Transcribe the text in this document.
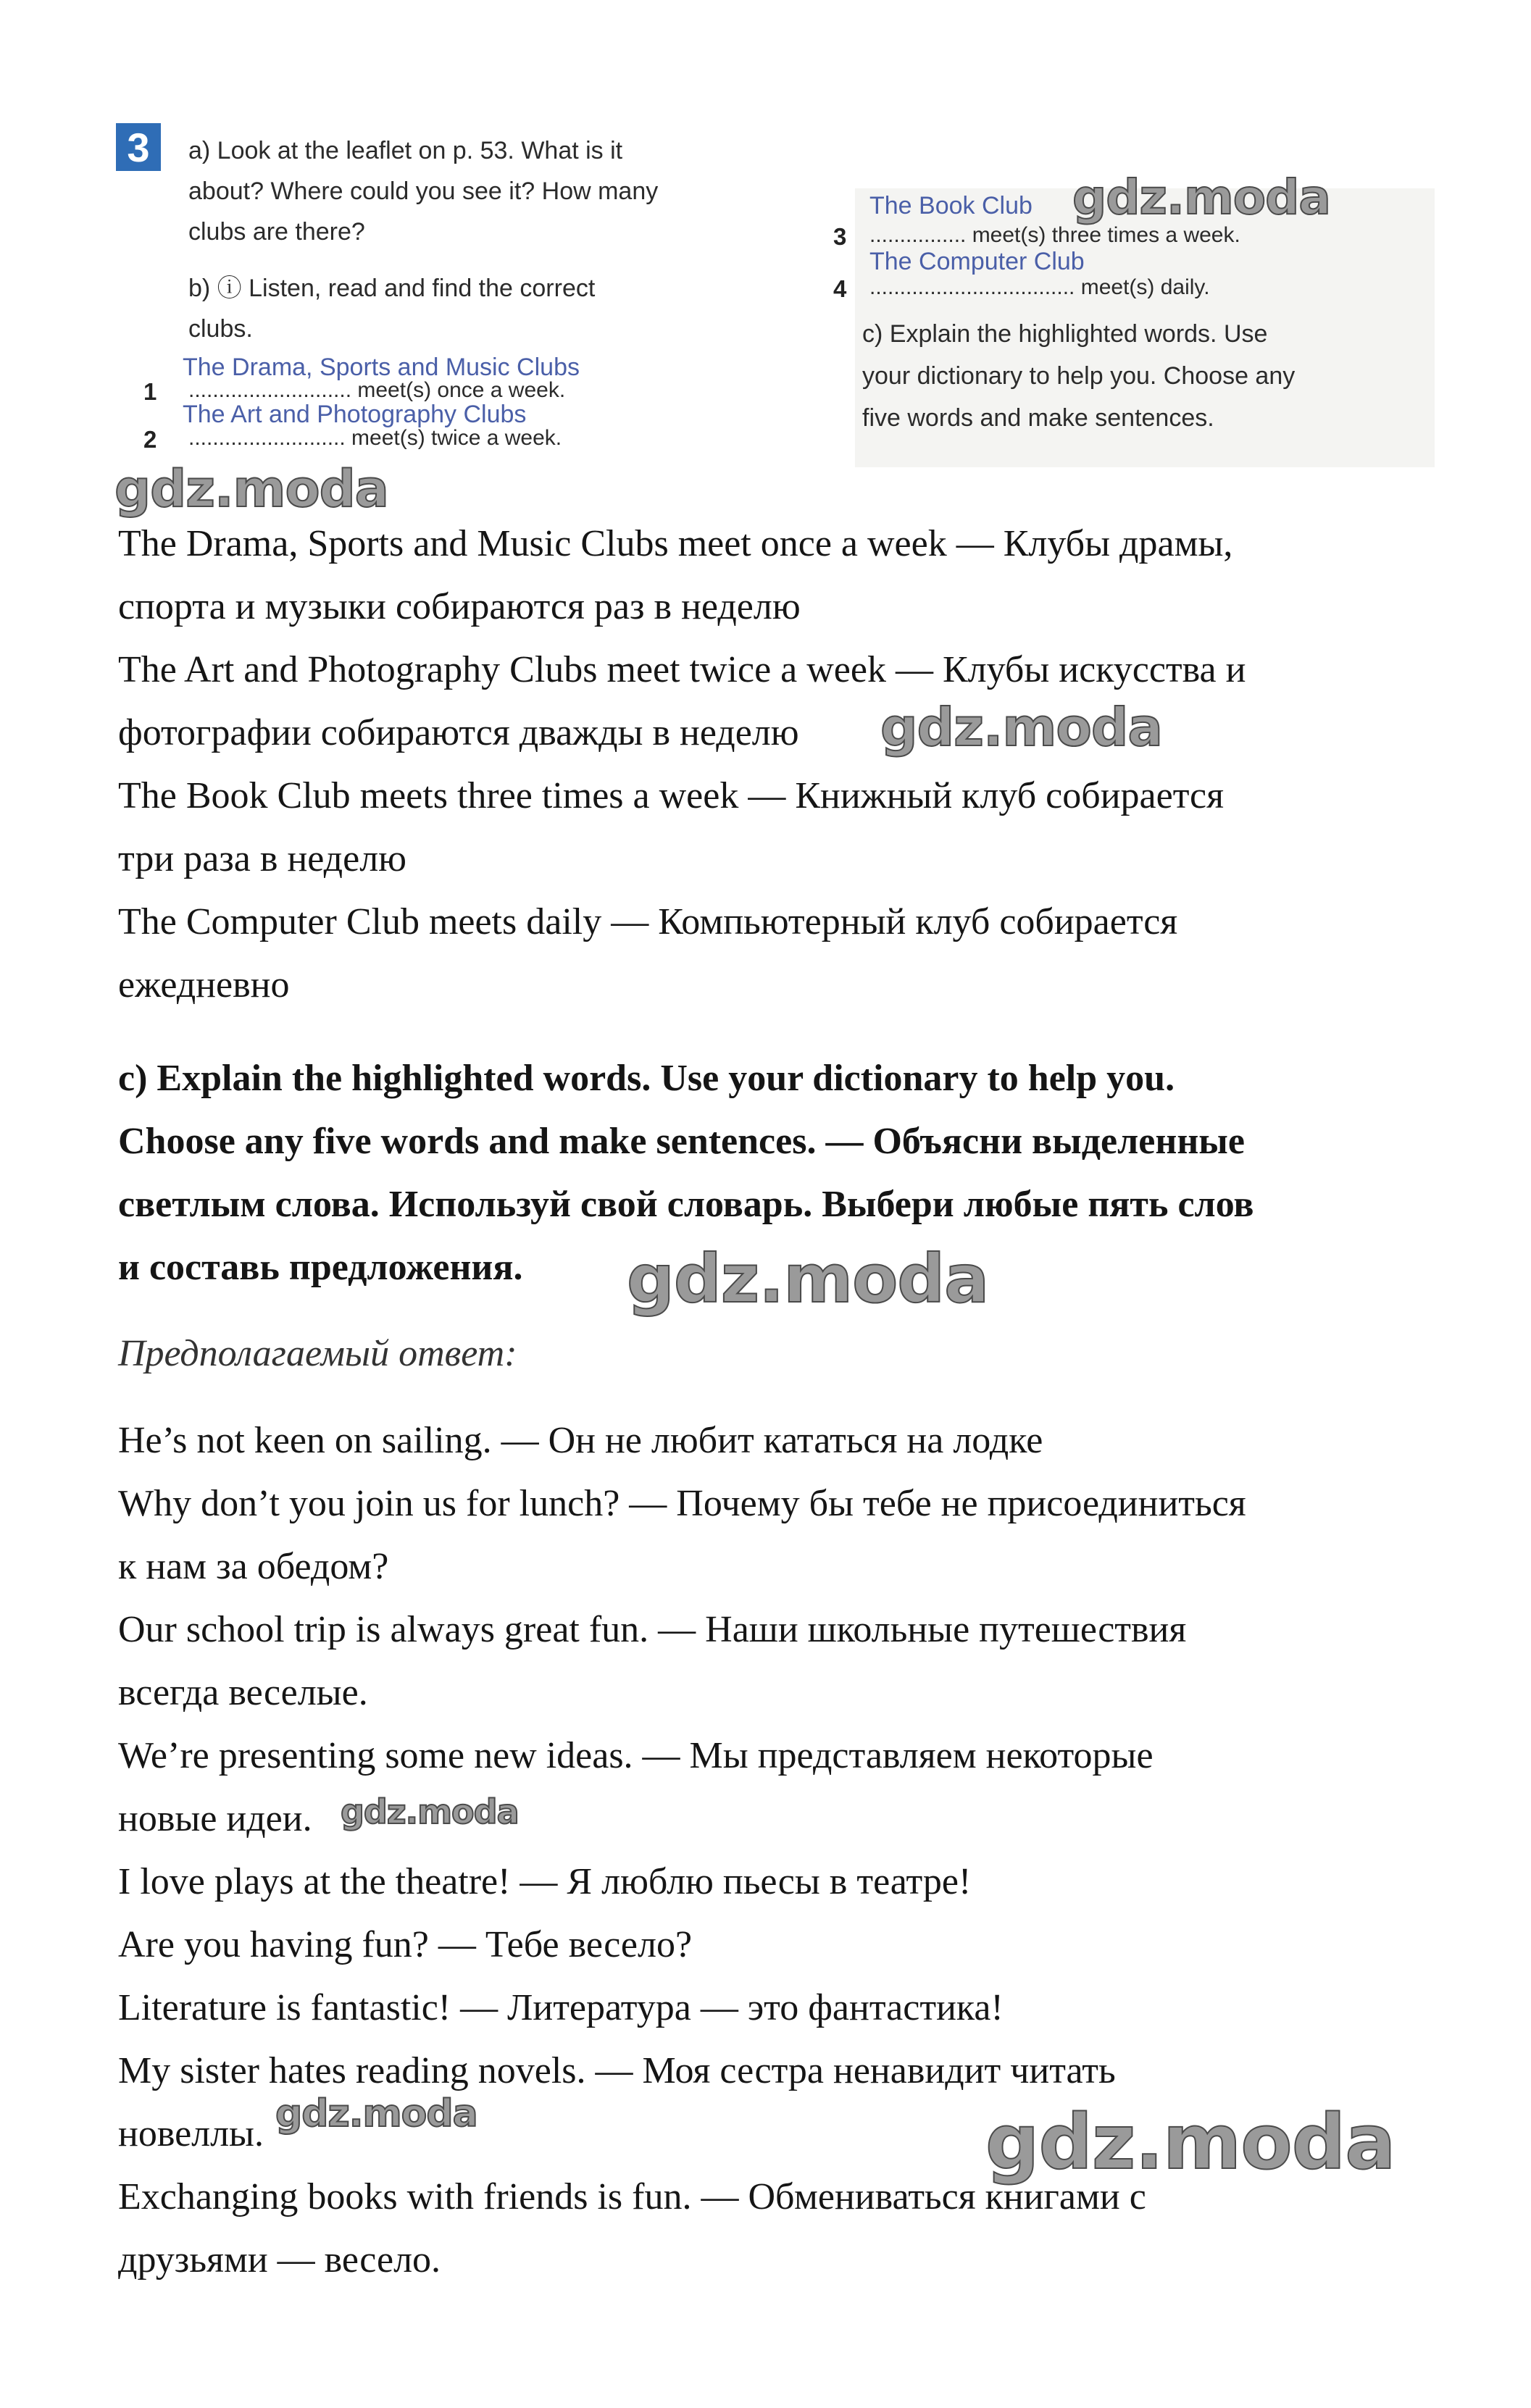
3 a) Look at the leaflet on p. 53. What is it
about? Where could you see it? How many
clubs are there?
b) ⓘ Listen, read and find the correct
clubs.
The Drama, Sports and Music Clubs
1 ........................... meet(s) once a week.
The Art and Photography Clubs
2 .......................... meet(s) twice a week.
The Book Club
3 ................ meet(s) three times a week.
The Computer Club
4 .................................. meet(s) daily.
c) Explain the highlighted words. Use
your dictionary to help you. Choose any
five words and make sentences.
gdz.moda
gdz.moda
gdz.moda
gdz.moda
gdz.moda
gdz.moda	gdz.moda
The Drama, Sports and Music Clubs meet once a week — Клубы драмы,
спорта и музыки собираются раз в неделю
The Art and Photography Clubs meet twice a week — Клубы искусства и
фотографии собираются дважды в неделю
The Book Club meets three times a week — Книжный клуб собирается
три раза в неделю
The Computer Club meets daily — Компьютерный клуб собирается
ежедневно
c) Explain the highlighted words. Use your dictionary to help you.
Choose any five words and make sentences. — Объясни выделенные
светлым слова. Используй свой словарь. Выбери любые пять слов
и составь предложения.
Предполагаемый ответ:
He’s not keen on sailing. — Он не любит кататься на лодке
Why don’t you join us for lunch? — Почему бы тебе не присоединиться
к нам за обедом?
Our school trip is always great fun. — Наши школьные путешествия
всегда веселые.
We’re presenting some new ideas. — Мы представляем некоторые
новые идеи.
I love plays at the theatre! — Я люблю пьесы в театре!
Are you having fun? — Тебе весело?
Literature is fantastic! — Литература — это фантастика!
My sister hates reading novels. — Моя сестра ненавидит читать
новеллы.
Exchanging books with friends is fun. — Обмениваться книгами с
друзьями — весело.
